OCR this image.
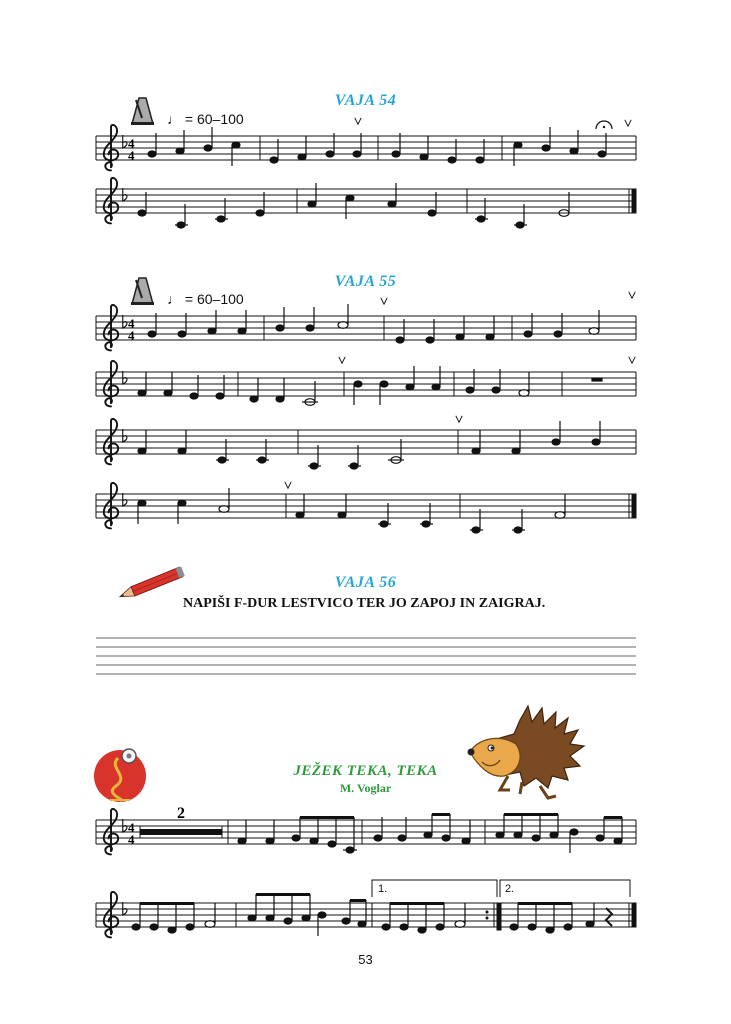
VAJA 54
♩ = 60–100
VAJA 55
♩ = 60–100
VAJA 56
NAPIŠI F-DUR LESTVICO TER JO ZAPOJ IN ZAIGRAJ.
JEŽEK TEKA, TEKA
M. Voglar
1.	2.
53
4
4
4
4
2
4
4
